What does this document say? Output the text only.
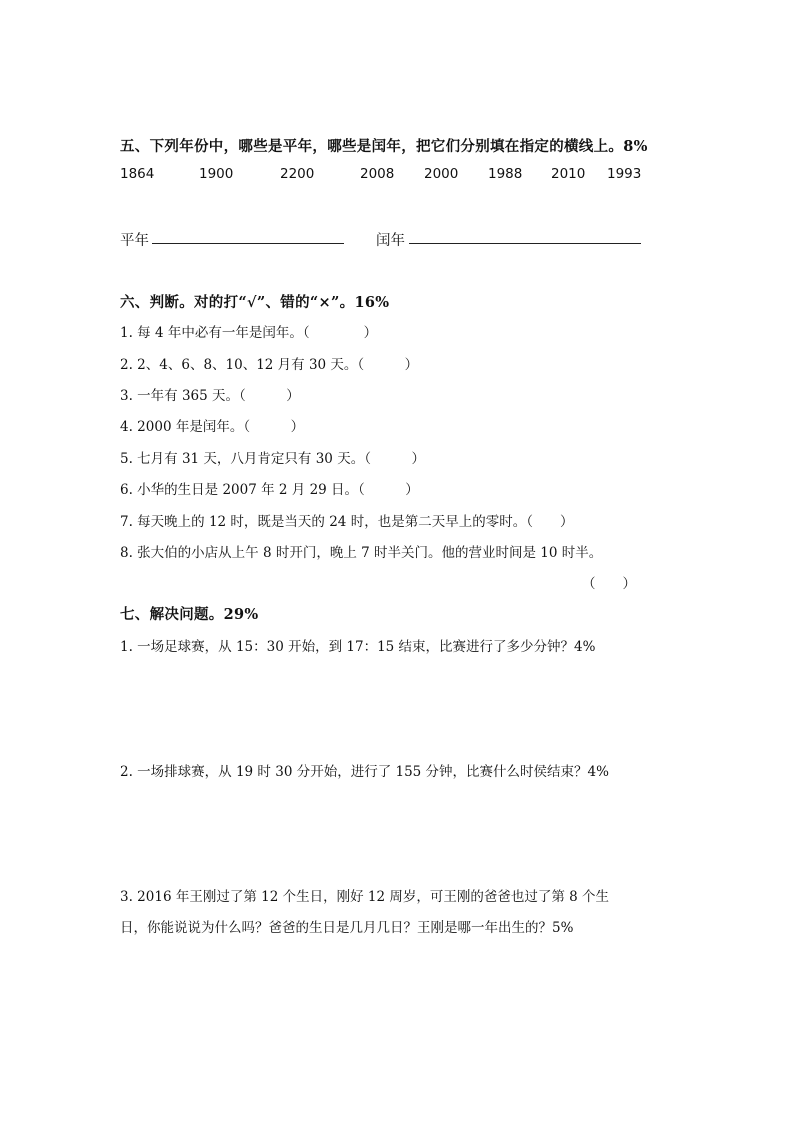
五、下列年份中，哪些是平年，哪些是闰年，把它们分别填在指定的横线上。8%
1864	1900	2200	2008 2000 1988 2010 1993
平年	闰年
六、判断。对的打“√”、错的“×”。16%
1. 每 4 年中必有一年是闰年。（　　　　）
2. 2、4、6、8、10、12 月有 30 天。（　　　）
3. 一年有 365 天。（　　　）
4. 2000 年是闰年。（　　　）
5. 七月有 31 天，八月肯定只有 30 天。（　　　）
6. 小华的生日是 2007 年 2 月 29 日。（　　　）
7. 每天晚上的 12 时，既是当天的 24 时，也是第二天早上的零时。（　　）
8. 张大伯的小店从上午 8 时开门，晚上 7 时半关门。他的营业时间是 10 时半。
（　　）
七、解决问题。29%
1. 一场足球赛，从 15：30 开始，到 17：15 结束，比赛进行了多少分钟？4%
2. 一场排球赛，从 19 时 30 分开始，进行了 155 分钟，比赛什么时侯结束？4%
3. 2016 年王刚过了第 12 个生日，刚好 12 周岁，可王刚的爸爸也过了第 8 个生
日，你能说说为什么吗？爸爸的生日是几月几日？王刚是哪一年出生的？5%
